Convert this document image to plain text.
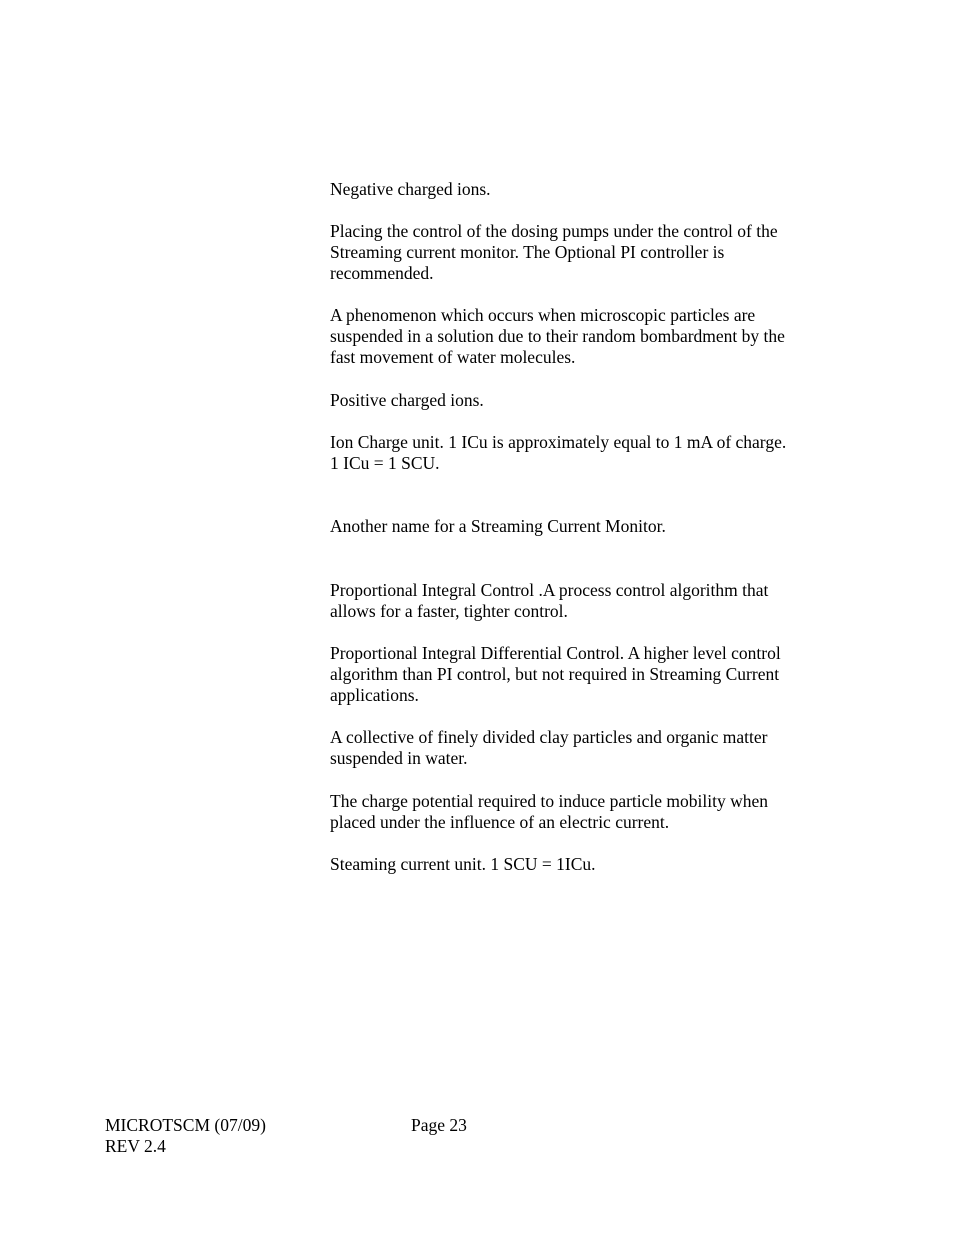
Negative charged ions.

Placing the control of the dosing pumps under the control of the
Streaming current monitor. The Optional PI controller is
recommended.

A phenomenon which occurs when microscopic particles are
suspended in a solution due to their random bombardment by the
fast movement of water molecules.

Positive charged ions.

Ion Charge unit. 1 ICu is approximately equal to 1 mA of charge.
1 ICu = 1 SCU.

Another name for a Streaming Current Monitor.

Proportional Integral Control .A process control algorithm that
allows for a faster, tighter control.

Proportional Integral Differential Control. A higher level control
algorithm than PI control, but not required in Streaming Current
applications.

A collective of finely divided clay particles and organic matter
suspended in water.

The charge potential required to induce particle mobility when
placed under the influence of an electric current.

Steaming current unit. 1 SCU = 1ICu.

MICROTSCM (07/09)

REV 2.4

Page 23
